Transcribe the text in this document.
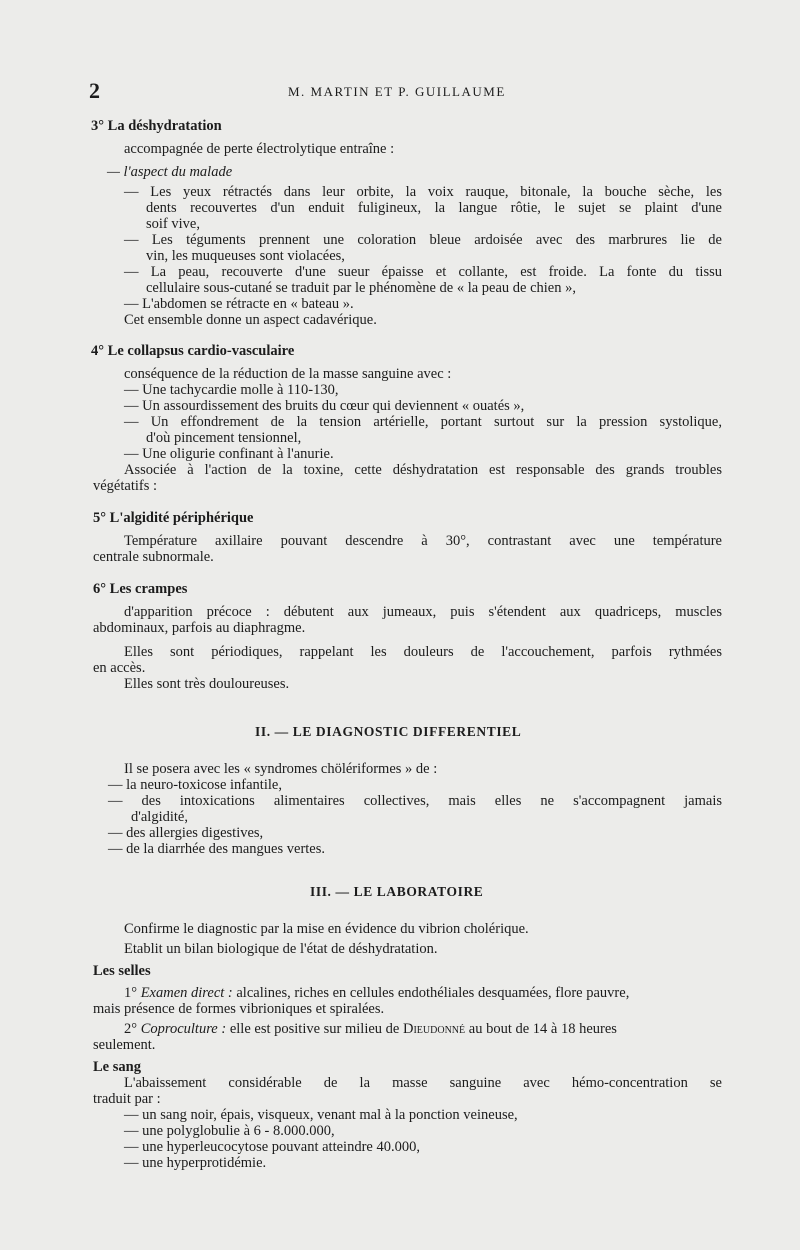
2	M. MARTIN ET P. GUILLAUME
3° La déshydratation
accompagnée de perte électrolytique entraîne :
— l'aspect du malade
— Les yeux rétractés dans leur orbite, la voix rauque, bitonale, la bouche sèche, les
dents recouvertes d'un enduit fuligineux, la langue rôtie, le sujet se plaint d'une
soif vive,
— Les téguments prennent une coloration bleue ardoisée avec des marbrures lie de
vin, les muqueuses sont violacées,
— La peau, recouverte d'une sueur épaisse et collante, est froide. La fonte du tissu
cellulaire sous-cutané se traduit par le phénomène de « la peau de chien »,
— L'abdomen se rétracte en « bateau ».
Cet ensemble donne un aspect cadavérique.
4° Le collapsus cardio-vasculaire
conséquence de la réduction de la masse sanguine avec :
— Une tachycardie molle à 110-130,
— Un assourdissement des bruits du cœur qui deviennent « ouatés »,
— Un effondrement de la tension artérielle, portant surtout sur la pression systolique,
d'où pincement tensionnel,
— Une oligurie confinant à l'anurie.
Associée à l'action de la toxine, cette déshydratation est responsable des grands troubles
végétatifs :
5° L'algidité périphérique
Température axillaire pouvant descendre à 30°, contrastant avec une température
centrale subnormale.
6° Les crampes
d'apparition précoce : débutent aux jumeaux, puis s'étendent aux quadriceps, muscles
abdominaux, parfois au diaphragme.
Elles sont périodiques, rappelant les douleurs de l'accouchement, parfois rythmées
en accès.
Elles sont très douloureuses.
II. — LE DIAGNOSTIC DIFFERENTIEL
Il se posera avec les « syndromes chölériformes » de :
— la neuro-toxicose infantile,
— des intoxications alimentaires collectives, mais elles ne s'accompagnent jamais
d'algidité,
— des allergies digestives,
— de la diarrhée des mangues vertes.
III. — LE LABORATOIRE
Confirme le diagnostic par la mise en évidence du vibrion cholérique.
Etablit un bilan biologique de l'état de déshydratation.
Les selles
1° Examen direct : alcalines, riches en cellules endothéliales desquamées, flore pauvre,
mais présence de formes vibrioniques et spiralées.
2° Coproculture : elle est positive sur milieu de Dieudonné au bout de 14 à 18 heures
seulement.
Le sang
L'abaissement considérable de la masse sanguine avec hémo-concentration se
traduit par :
— un sang noir, épais, visqueux, venant mal à la ponction veineuse,
— une polyglobulie à 6 - 8.000.000,
— une hyperleucocytose pouvant atteindre 40.000,
— une hyperprotidémie.
